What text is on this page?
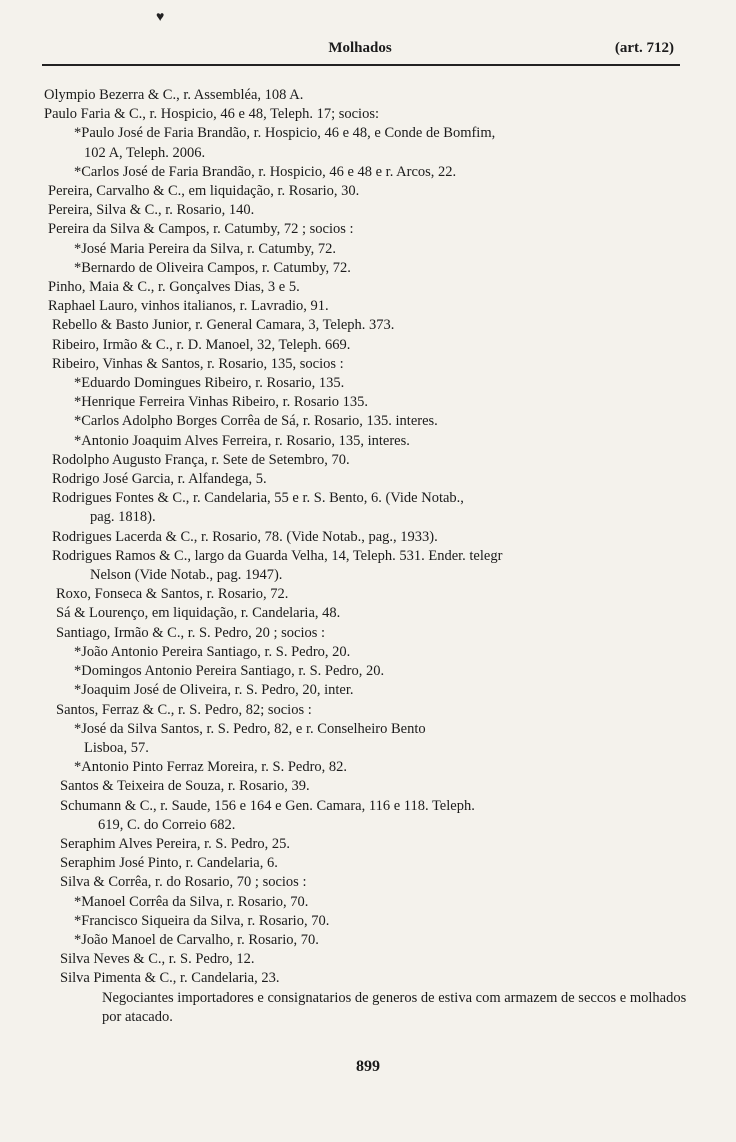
♥
Molhados	(art. 712)
Olympio Bezerra & C., r. Assembléa, 108 A.
Paulo Faria & C., r. Hospicio, 46 e 48, Teleph. 17; socios:
*Paulo José de Faria Brandão, r. Hospicio, 46 e 48, e Conde de Bomfim,
102 A, Teleph. 2006.
*Carlos José de Faria Brandão, r. Hospicio, 46 e 48 e r. Arcos, 22.
Pereira, Carvalho & C., em liquidação, r. Rosario, 30.
Pereira, Silva & C., r. Rosario, 140.
Pereira da Silva & Campos, r. Catumby, 72 ; socios :
*José Maria Pereira da Silva, r. Catumby, 72.
*Bernardo de Oliveira Campos, r. Catumby, 72.
Pinho, Maia & C., r. Gonçalves Dias, 3 e 5.
Raphael Lauro, vinhos italianos, r. Lavradio, 91.
Rebello & Basto Junior, r. General Camara, 3, Teleph. 373.
Ribeiro, Irmão & C., r. D. Manoel, 32, Teleph. 669.
Ribeiro, Vinhas & Santos, r. Rosario, 135, socios :
*Eduardo Domingues Ribeiro, r. Rosario, 135.
*Henrique Ferreira Vinhas Ribeiro, r. Rosario 135.
*Carlos Adolpho Borges Corrêa de Sá, r. Rosario, 135. interes.
*Antonio Joaquim Alves Ferreira, r. Rosario, 135, interes.
Rodolpho Augusto França, r. Sete de Setembro, 70.
Rodrigo José Garcia, r. Alfandega, 5.
Rodrigues Fontes & C., r. Candelaria, 55 e r. S. Bento, 6. (Vide Notab.,
pag. 1818).
Rodrigues Lacerda & C., r. Rosario, 78. (Vide Notab., pag., 1933).
Rodrigues Ramos & C., largo da Guarda Velha, 14, Teleph. 531. Ender. telegr
Nelson (Vide Notab., pag. 1947).
Roxo, Fonseca & Santos, r. Rosario, 72.
Sá & Lourenço, em liquidação, r. Candelaria, 48.
Santiago, Irmão & C., r. S. Pedro, 20 ; socios :
*João Antonio Pereira Santiago, r. S. Pedro, 20.
*Domingos Antonio Pereira Santiago, r. S. Pedro, 20.
*Joaquim José de Oliveira, r. S. Pedro, 20, inter.
Santos, Ferraz & C., r. S. Pedro, 82; socios :
*José da Silva Santos, r. S. Pedro, 82, e r. Conselheiro Bento
Lisboa, 57.
*Antonio Pinto Ferraz Moreira, r. S. Pedro, 82.
Santos & Teixeira de Souza, r. Rosario, 39.
Schumann & C., r. Saude, 156 e 164 e Gen. Camara, 116 e 118. Teleph.
619, C. do Correio 682.
Seraphim Alves Pereira, r. S. Pedro, 25.
Seraphim José Pinto, r. Candelaria, 6.
Silva & Corrêa, r. do Rosario, 70 ; socios :
*Manoel Corrêa da Silva, r. Rosario, 70.
*Francisco Siqueira da Silva, r. Rosario, 70.
*João Manoel de Carvalho, r. Rosario, 70.
Silva Neves & C., r. S. Pedro, 12.
Silva Pimenta & C., r. Candelaria, 23.
Negociantes importadores e consignatarios de generos de estiva com armazem de seccos e molhados por atacado.
899
